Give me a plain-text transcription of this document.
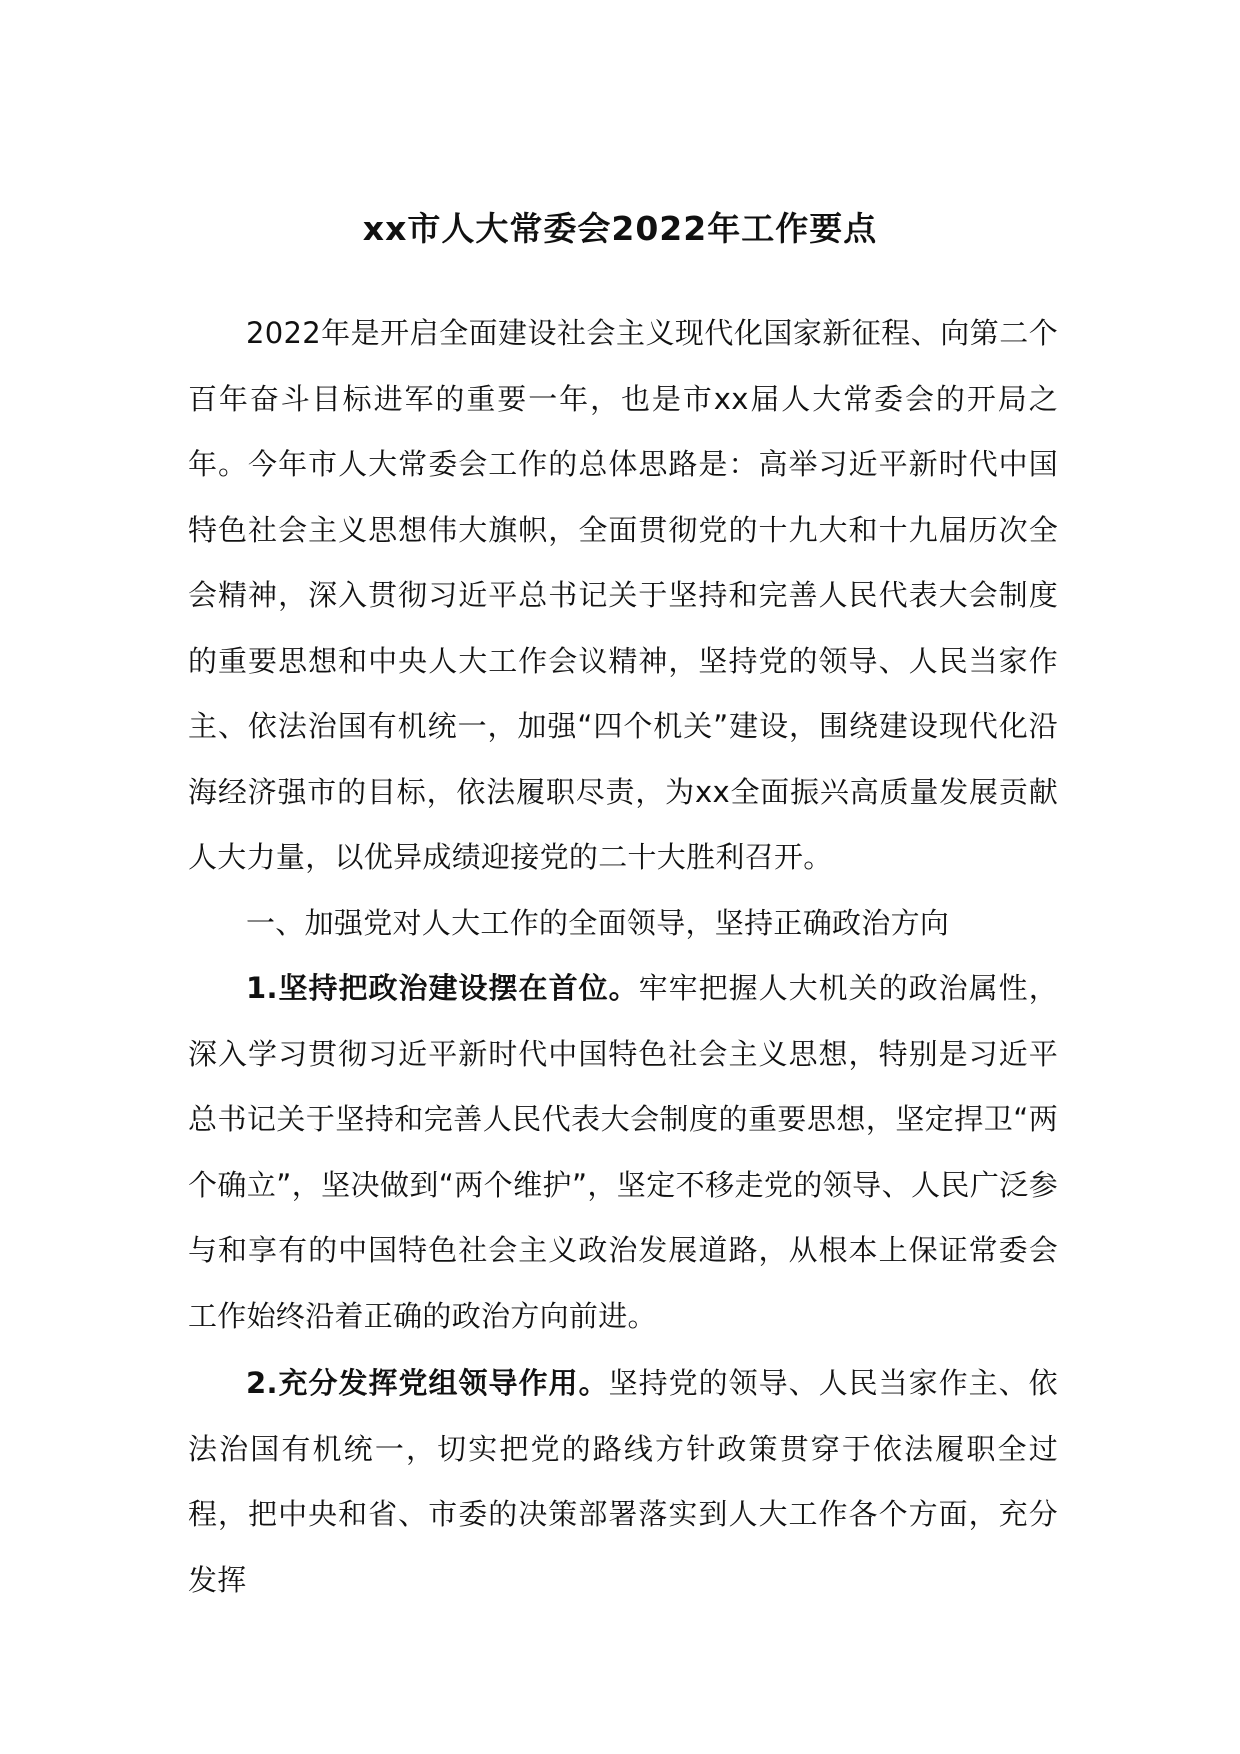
xx市人大常委会2022年工作要点

2022年是开启全面建设社会主义现代化国家新征程、向第二个百年奋斗目标进军的重要一年，也是市xx届人大常委会的开局之年。今年市人大常委会工作的总体思路是：高举习近平新时代中国特色社会主义思想伟大旗帜，全面贯彻党的十九大和十九届历次全会精神，深入贯彻习近平总书记关于坚持和完善人民代表大会制度的重要思想和中央人大工作会议精神，坚持党的领导、人民当家作主、依法治国有机统一，加强“四个机关”建设，围绕建设现代化沿海经济强市的目标，依法履职尽责，为xx全面振兴高质量发展贡献人大力量，以优异成绩迎接党的二十大胜利召开。

一、加强党对人大工作的全面领导，坚持正确政治方向

1.坚持把政治建设摆在首位。牢牢把握人大机关的政治属性，深入学习贯彻习近平新时代中国特色社会主义思想，特别是习近平总书记关于坚持和完善人民代表大会制度的重要思想，坚定捍卫“两个确立”，坚决做到“两个维护”，坚定不移走党的领导、人民广泛参与和享有的中国特色社会主义政治发展道路，从根本上保证常委会工作始终沿着正确的政治方向前进。

2.充分发挥党组领导作用。坚持党的领导、人民当家作主、依法治国有机统一，切实把党的路线方针政策贯穿于依法履职全过程，把中央和省、市委的决策部署落实到人大工作各个方面，充分发挥
